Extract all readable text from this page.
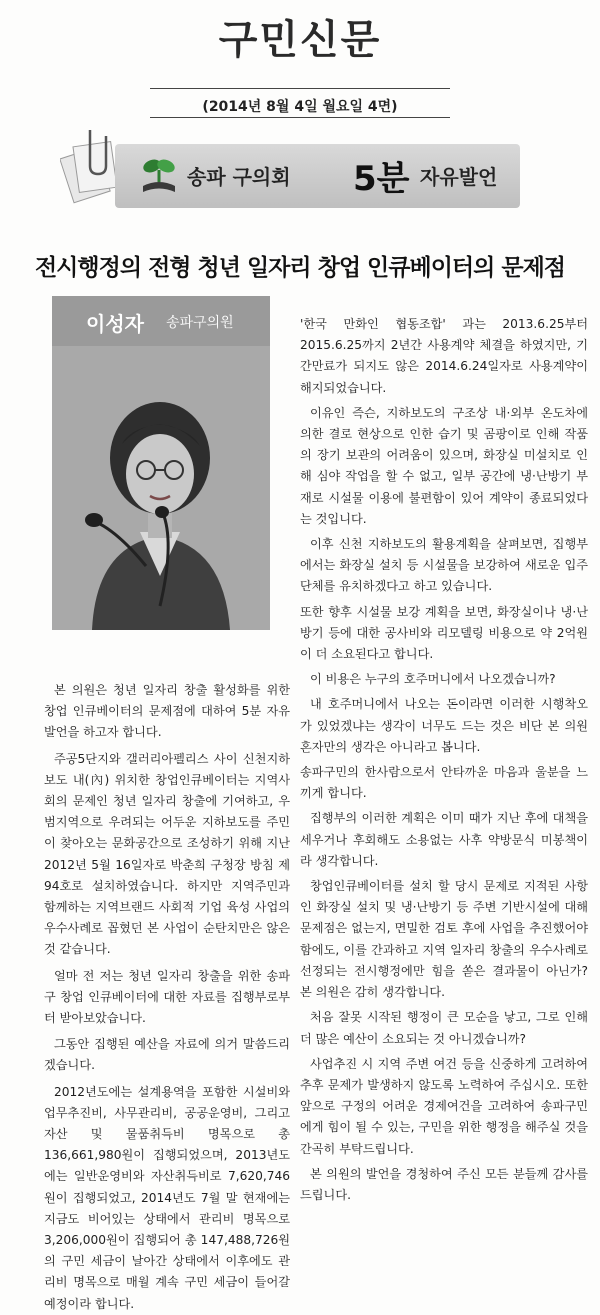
구민신문
(2014년 8월 4일 월요일 4면)
송파 구의회 5분 자유발언
전시행정의 전형 청년 일자리 창업 인큐베이터의 문제점
이성자 송파구의원	'한국 만화인 협동조합' 과는 2013.6.25부터 2015.6.25까지 2년간 사용계약 체결을 하였지만, 기간만료가 되지도 않은 2014.6.24일자로 사용계약이 해지되었습니다.

이유인 즉슨, 지하보도의 구조상 내·외부 온도차에 의한 결로 현상으로 인한 습기 및 곰팡이로 인해 작품의 장기 보관의 어려움이 있으며, 화장실 미설치로 인해 심야 작업을 할 수 없고, 일부 공간에 냉·난방기 부재로 시설물 이용에 불편함이 있어 계약이 종료되었다는 것입니다.

이후 신천 지하보도의 활용계획을 살펴보면, 집행부에서는 화장실 설치 등 시설물을 보강하여 새로운 입주단체를 유치하겠다고 하고 있습니다.

또한 향후 시설물 보강 계획을 보면, 화장실이나 냉·난방기 등에 대한 공사비와 리모델링 비용으로 약 2억원이 더 소요된다고 합니다.

이 비용은 누구의 호주머니에서 나오겠습니까?

내 호주머니에서 나오는 돈이라면 이러한 시행착오가 있었겠냐는 생각이 너무도 드는 것은 비단 본 의원 혼자만의 생각은 아니라고 봅니다.

송파구민의 한사람으로서 안타까운 마음과 울분을 느끼게 합니다.

집행부의 이러한 계획은 이미 때가 지난 후에 대책을 세우거나 후회해도 소용없는 사후 약방문식 미봉책이라 생각합니다.

창업인큐베이터를 설치 할 당시 문제로 지적된 사항인 화장실 설치 및 냉·난방기 등 주변 기반시설에 대해 문제점은 없는지, 면밀한 검토 후에 사업을 추진했어야 함에도, 이를 간과하고 지역 일자리 창출의 우수사례로 선정되는 전시행정에만 힘을 쏟은 결과물이 아닌가? 본 의원은 감히 생각합니다.

처음 잘못 시작된 행정이 큰 모순을 낳고, 그로 인해 더 많은 예산이 소요되는 것 아니겠습니까?

사업추진 시 지역 주변 여건 등을 신중하게 고려하여 추후 문제가 발생하지 않도록 노력하여 주십시오. 또한 앞으로 구정의 어려운 경제여건을 고려하여 송파구민에게 힘이 될 수 있는, 구민을 위한 행정을 해주실 것을 간곡히 부탁드립니다.

본 의원의 발언을 경청하여 주신 모든 분들께 감사를 드립니다.

본 의원은 청년 일자리 창출 활성화를 위한 창업 인큐베이터의 문제점에 대하여 5분 자유발언을 하고자 합니다.

주공5단지와 갤러리아펠리스 사이 신천지하보도 내(內) 위치한 창업인큐베이터는 지역사회의 문제인 청년 일자리 창출에 기여하고, 우범지역으로 우려되는 어두운 지하보도를 주민이 찾아오는 문화공간으로 조성하기 위해 지난 2012년 5월 16일자로 박춘희 구청장 방침 제94호로 설치하였습니다. 하지만 지역주민과 함께하는 지역브랜드 사회적 기업 육성 사업의 우수사례로 꼽혔던 본 사업이 순탄치만은 않은 것 같습니다.

얼마 전 저는 청년 일자리 창출을 위한 송파구 창업 인큐베이터에 대한 자료를 집행부로부터 받아보았습니다.

그동안 집행된 예산을 자료에 의거 말씀드리겠습니다.

2012년도에는 설계용역을 포함한 시설비와 업무추진비, 사무관리비, 공공운영비, 그리고 자산 및 물품취득비 명목으로 총 136,661,980원이 집행되었으며, 2013년도에는 일반운영비와 자산취득비로 7,620,746원이 집행되었고, 2014년도 7월 말 현재에는 지금도 비어있는 상태에서 관리비 명목으로 3,206,000원이 집행되어 총 147,488,726원의 구민 세금이 날아간 상태에서 이후에도 관리비 명목으로 매월 계속 구민 세금이 들어갈 예정이라 합니다.
